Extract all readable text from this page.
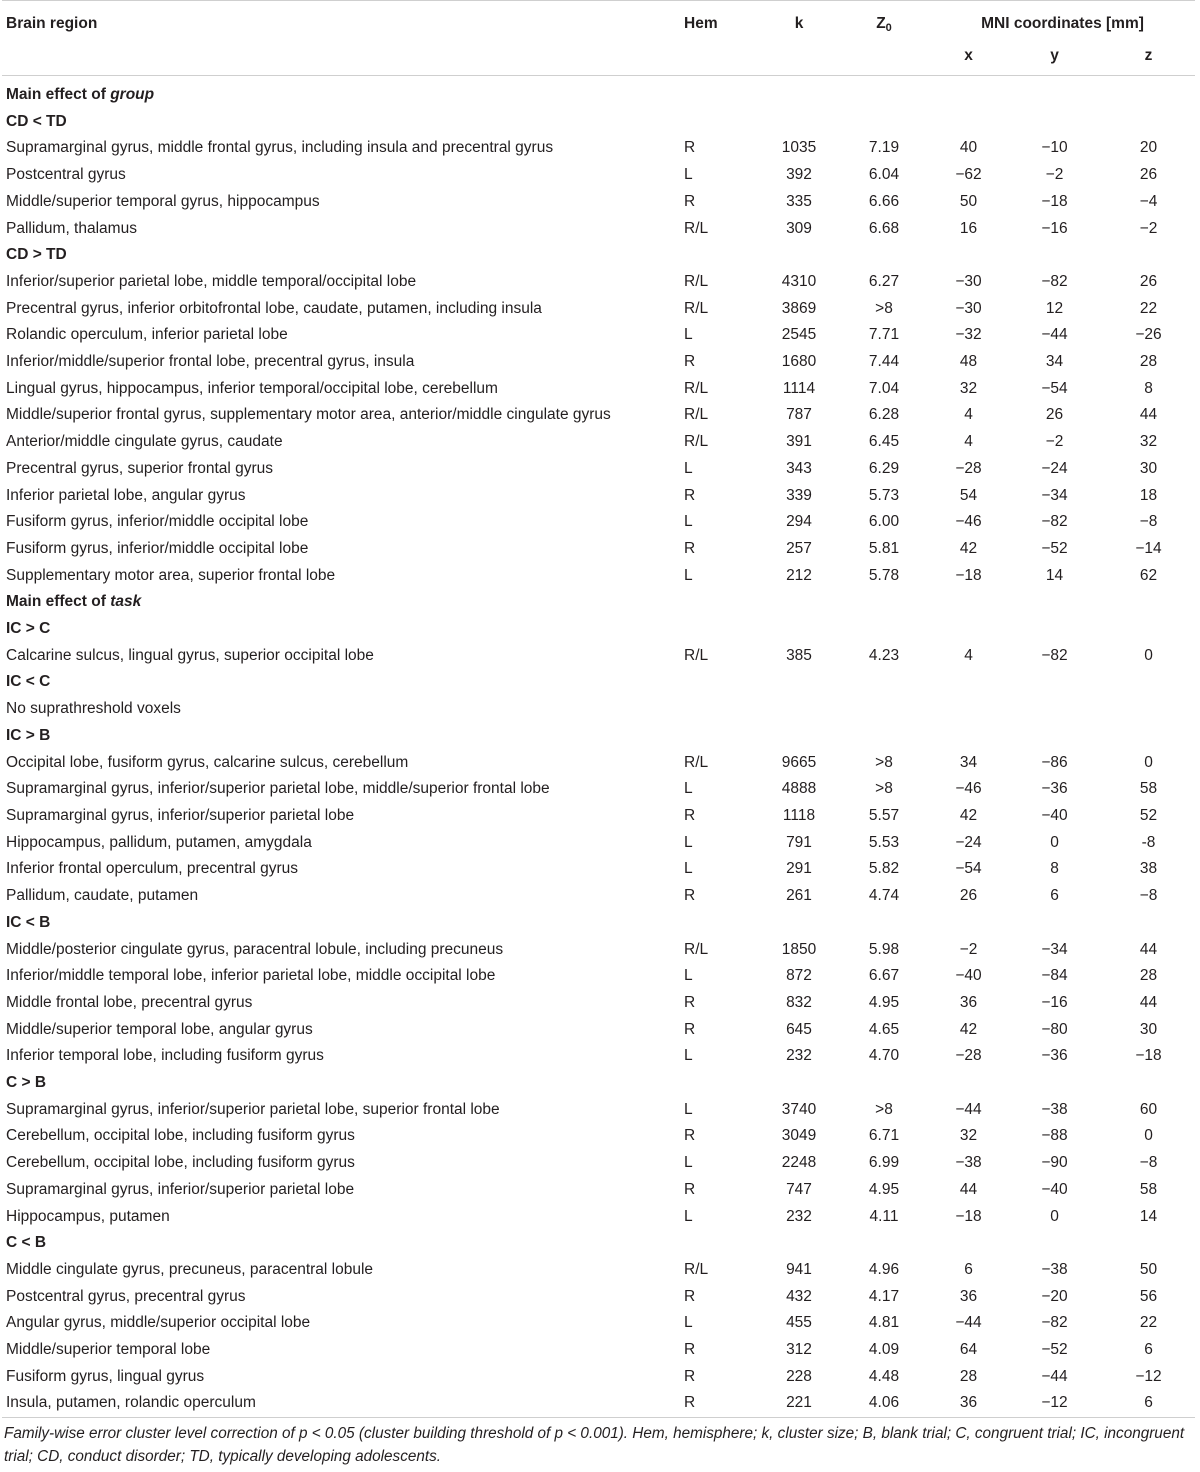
Brain region	Hem	k	$Z_0$	MNI coordinates [mm]		
				x	y	z
Main effect of group						
CD < TD						
Supramarginal gyrus, middle frontal gyrus, including insula and precentral gyrus	R	1035	7.19	40	−10	20
Postcentral gyrus	L	392	6.04	−62	−2	26
Middle/superior temporal gyrus, hippocampus	R	335	6.66	50	−18	−4
Pallidum, thalamus	R/L	309	6.68	16	−16	−2
CD > TD						
Inferior/superior parietal lobe, middle temporal/occipital lobe	R/L	4310	6.27	−30	−82	26
Precentral gyrus, inferior orbitofrontal lobe, caudate, putamen, including insula	R/L	3869	>8	−30	12	22
Rolandic operculum, inferior parietal lobe	L	2545	7.71	−32	−44	−26
Inferior/middle/superior frontal lobe, precentral gyrus, insula	R	1680	7.44	48	34	28
Lingual gyrus, hippocampus, inferior temporal/occipital lobe, cerebellum	R/L	1114	7.04	32	−54	8
Middle/superior frontal gyrus, supplementary motor area, anterior/middle cingulate gyrus	R/L	787	6.28	4	26	44
Anterior/middle cingulate gyrus, caudate	R/L	391	6.45	4	−2	32
Precentral gyrus, superior frontal gyrus	L	343	6.29	−28	−24	30
Inferior parietal lobe, angular gyrus	R	339	5.73	54	−34	18
Fusiform gyrus, inferior/middle occipital lobe	L	294	6.00	−46	−82	−8
Fusiform gyrus, inferior/middle occipital lobe	R	257	5.81	42	−52	−14
Supplementary motor area, superior frontal lobe	L	212	5.78	−18	14	62
Main effect of task						
IC > C						
Calcarine sulcus, lingual gyrus, superior occipital lobe	R/L	385	4.23	4	−82	0
IC < C						
No suprathreshold voxels						
IC > B						
Occipital lobe, fusiform gyrus, calcarine sulcus, cerebellum	R/L	9665	>8	34	−86	0
Supramarginal gyrus, inferior/superior parietal lobe, middle/superior frontal lobe	L	4888	>8	−46	−36	58
Supramarginal gyrus, inferior/superior parietal lobe	R	1118	5.57	42	−40	52
Hippocampus, pallidum, putamen, amygdala	L	791	5.53	−24	0	-8
Inferior frontal operculum, precentral gyrus	L	291	5.82	−54	8	38
Pallidum, caudate, putamen	R	261	4.74	26	6	−8
IC < B						
Middle/posterior cingulate gyrus, paracentral lobule, including precuneus	R/L	1850	5.98	−2	−34	44
Inferior/middle temporal lobe, inferior parietal lobe, middle occipital lobe	L	872	6.67	−40	−84	28
Middle frontal lobe, precentral gyrus	R	832	4.95	36	−16	44
Middle/superior temporal lobe, angular gyrus	R	645	4.65	42	−80	30
Inferior temporal lobe, including fusiform gyrus	L	232	4.70	−28	−36	−18
C > B						
Supramarginal gyrus, inferior/superior parietal lobe, superior frontal lobe	L	3740	>8	−44	−38	60
Cerebellum, occipital lobe, including fusiform gyrus	R	3049	6.71	32	−88	0
Cerebellum, occipital lobe, including fusiform gyrus	L	2248	6.99	−38	−90	−8
Supramarginal gyrus, inferior/superior parietal lobe	R	747	4.95	44	−40	58
Hippocampus, putamen	L	232	4.11	−18	0	14
C < B						
Middle cingulate gyrus, precuneus, paracentral lobule	R/L	941	4.96	6	−38	50
Postcentral gyrus, precentral gyrus	R	432	4.17	36	−20	56
Angular gyrus, middle/superior occipital lobe	L	455	4.81	−44	−82	22
Middle/superior temporal lobe	R	312	4.09	64	−52	6
Fusiform gyrus, lingual gyrus	R	228	4.48	28	−44	−12
Insula, putamen, rolandic operculum	R	221	4.06	36	−12	6
Family-wise error cluster level correction of p < 0.05 (cluster building threshold of p < 0.001). Hem, hemisphere; k, cluster size; B, blank trial; C, congruent trial; IC, incongruent trial; CD, conduct disorder; TD, typically developing adolescents.
